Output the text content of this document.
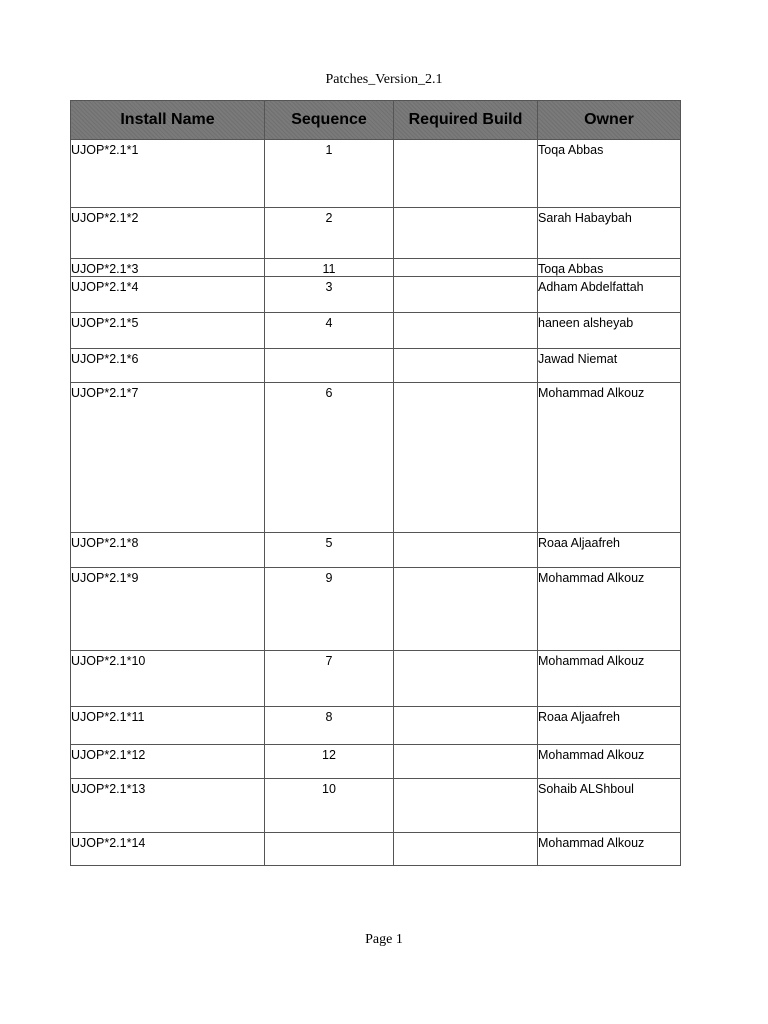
Patches_Version_2.1
Install Name	Sequence	Required Build	Owner
UJOP*2.1*1	1		Toqa Abbas
UJOP*2.1*2	2		Sarah Habaybah
UJOP*2.1*3	11		Toqa Abbas
UJOP*2.1*4	3		Adham Abdelfattah
UJOP*2.1*5	4		haneen alsheyab
UJOP*2.1*6			Jawad Niemat
UJOP*2.1*7	6		Mohammad Alkouz
UJOP*2.1*8	5		Roaa Aljaafreh
UJOP*2.1*9	9		Mohammad Alkouz
UJOP*2.1*10	7		Mohammad Alkouz
UJOP*2.1*11	8		Roaa Aljaafreh
UJOP*2.1*12	12		Mohammad Alkouz
UJOP*2.1*13	10		Sohaib ALShboul
UJOP*2.1*14			Mohammad Alkouz
Page 1
